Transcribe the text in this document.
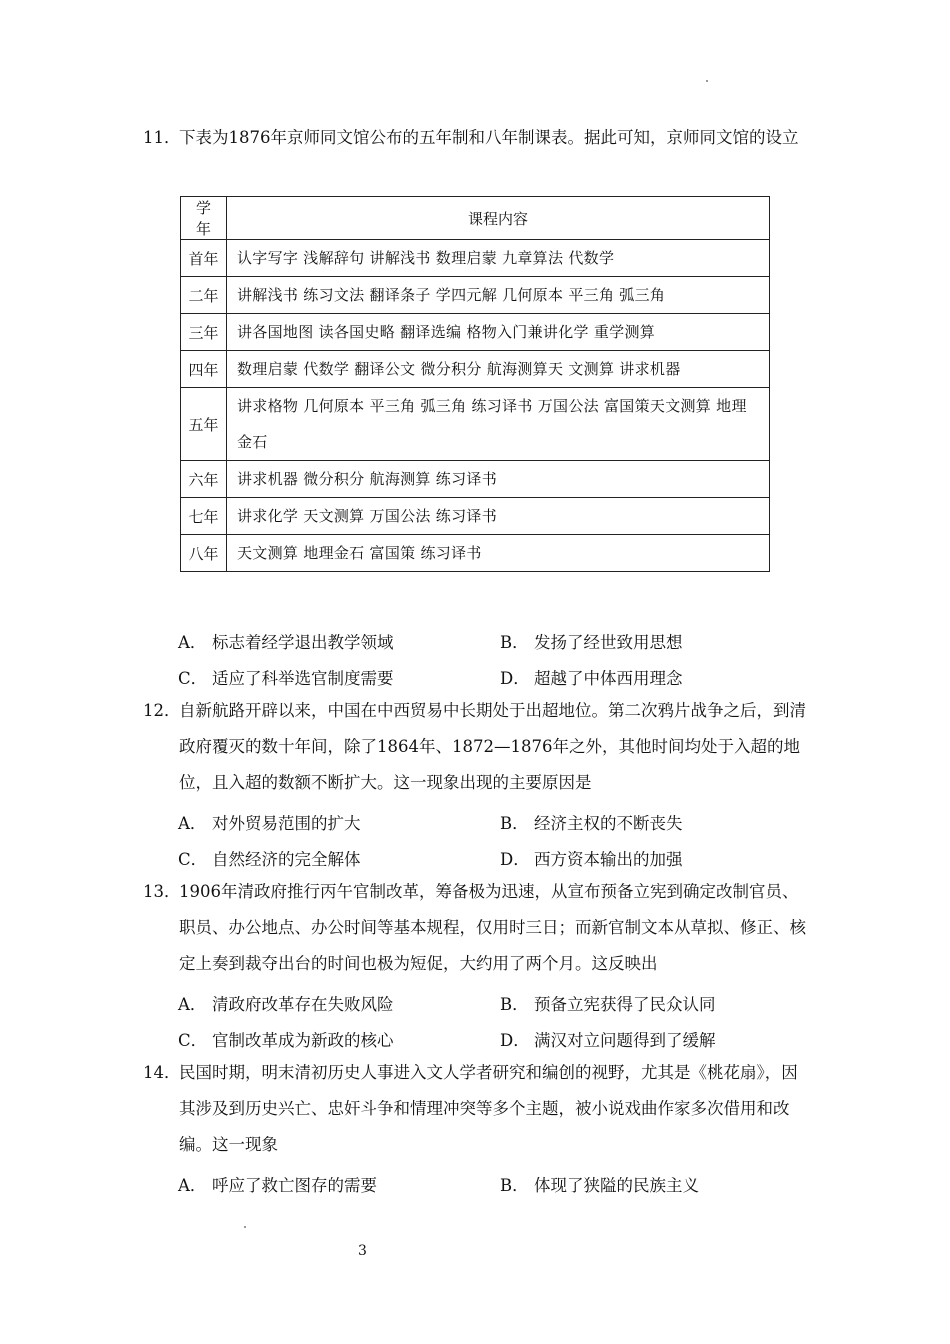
11．
下表为1876年京师同文馆公布的五年制和八年制课表。据此可知，京师同文馆的设立
学年	课程内容
首年	认字写字 浅解辞句 讲解浅书 数理启蒙 九章算法 代数学
二年	讲解浅书 练习文法 翻译条子 学四元解 几何原本 平三角 弧三角
三年	讲各国地图 读各国史略 翻译选编 格物入门兼讲化学 重学测算
四年	数理启蒙 代数学 翻译公文 微分积分 航海测算天 文测算 讲求机器
五年	讲求格物 几何原本 平三角 弧三角 练习译书 万国公法 富国策天文测算 地理金石
六年	讲求机器 微分积分 航海测算 练习译书
七年	讲求化学 天文测算 万国公法 练习译书
八年	天文测算 地理金石 富国策 练习译书
A． 标志着经学退出教学领域	B． 发扬了经世致用思想
C． 适应了科举选官制度需要	D． 超越了中体西用理念
12．
自新航路开辟以来，中国在中西贸易中长期处于出超地位。第二次鸦片战争之后，到清政府覆灭的数十年间，除了1864年、1872—1876年之外，其他时间均处于入超的地位，且入超的数额不断扩大。这一现象出现的主要原因是
A． 对外贸易范围的扩大	B． 经济主权的不断丧失
C． 自然经济的完全解体	D． 西方资本输出的加强
13．
1906年清政府推行丙午官制改革，筹备极为迅速，从宣布预备立宪到确定改制官员、职员、办公地点、办公时间等基本规程，仅用时三日；而新官制文本从草拟、修正、核定上奏到裁夺出台的时间也极为短促，大约用了两个月。这反映出
A． 清政府改革存在失败风险	B． 预备立宪获得了民众认同
C． 官制改革成为新政的核心	D． 满汉对立问题得到了缓解
14．
民国时期，明末清初历史人事进入文人学者研究和编创的视野，尤其是《桃花扇》，因其涉及到历史兴亡、忠奸斗争和情理冲突等多个主题，被小说戏曲作家多次借用和改编。这一现象
A． 呼应了救亡图存的需要	B． 体现了狭隘的民族主义
3
